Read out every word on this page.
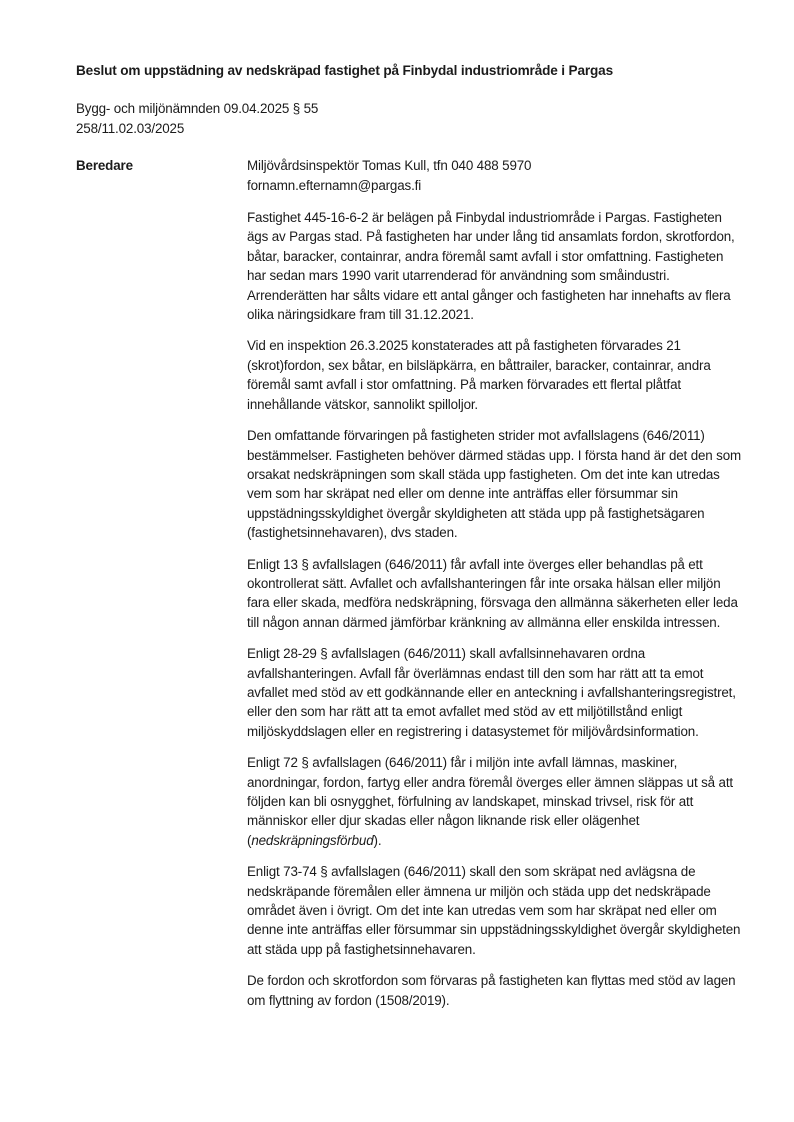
Beslut om uppstädning av nedskräpad fastighet på Finbydal industriområde i Pargas

Bygg- och miljönämnden 09.04.2025 § 55

258/11.02.03/2025

Beredare	Miljövårdsinspektör Tomas Kull, tfn 040 488 5970
fornamn.efternamn@pargas.fi

Fastighet 445-16-6-2 är belägen på Finbydal industriområde i Pargas. Fastigheten ägs av Pargas stad. På fastigheten har under lång tid ansamlats fordon, skrotfordon, båtar, baracker, containrar, andra föremål samt avfall i stor omfattning. Fastigheten har sedan mars 1990 varit utarrenderad för användning som småindustri. Arrenderätten har sålts vidare ett antal gånger och fastigheten har innehafts av flera olika näringsidkare fram till 31.12.2021.

Vid en inspektion 26.3.2025 konstaterades att på fastigheten förvarades 21 (skrot)fordon, sex båtar, en bilsläpkärra, en båttrailer, baracker, containrar, andra föremål samt avfall i stor omfattning. På marken förvarades ett flertal plåtfat innehållande vätskor, sannolikt spilloljor.

Den omfattande förvaringen på fastigheten strider mot avfallslagens (646/2011) bestämmelser. Fastigheten behöver därmed städas upp. I första hand är det den som orsakat nedskräpningen som skall städa upp fastigheten. Om det inte kan utredas vem som har skräpat ned eller om denne inte anträffas eller försummar sin uppstädningsskyldighet övergår skyldigheten att städa upp på fastighetsägaren (fastighetsinnehavaren), dvs staden.

Enligt 13 § avfallslagen (646/2011) får avfall inte överges eller behandlas på ett okontrollerat sätt. Avfallet och avfallshanteringen får inte orsaka hälsan eller miljön fara eller skada, medföra nedskräpning, försvaga den allmänna säkerheten eller leda till någon annan därmed jämförbar kränkning av allmänna eller enskilda intressen.

Enligt 28-29 § avfallslagen (646/2011) skall avfallsinnehavaren ordna avfallshanteringen. Avfall får överlämnas endast till den som har rätt att ta emot avfallet med stöd av ett godkännande eller en anteckning i avfallshanteringsregistret, eller den som har rätt att ta emot avfallet med stöd av ett miljötillstånd enligt miljöskyddslagen eller en registrering i datasystemet för miljövårdsinformation.

Enligt 72 § avfallslagen (646/2011) får i miljön inte avfall lämnas, maskiner, anordningar, fordon, fartyg eller andra föremål överges eller ämnen släppas ut så att följden kan bli osnygghet, förfulning av landskapet, minskad trivsel, risk för att människor eller djur skadas eller någon liknande risk eller olägenhet (nedskräpningsförbud).

Enligt 73-74 § avfallslagen (646/2011) skall den som skräpat ned avlägsna de nedskräpande föremålen eller ämnena ur miljön och städa upp det nedskräpade området även i övrigt. Om det inte kan utredas vem som har skräpat ned eller om denne inte anträffas eller försummar sin uppstädningsskyldighet övergår skyldigheten att städa upp på fastighetsinnehavaren.

De fordon och skrotfordon som förvaras på fastigheten kan flyttas med stöd av lagen om flyttning av fordon (1508/2019).
